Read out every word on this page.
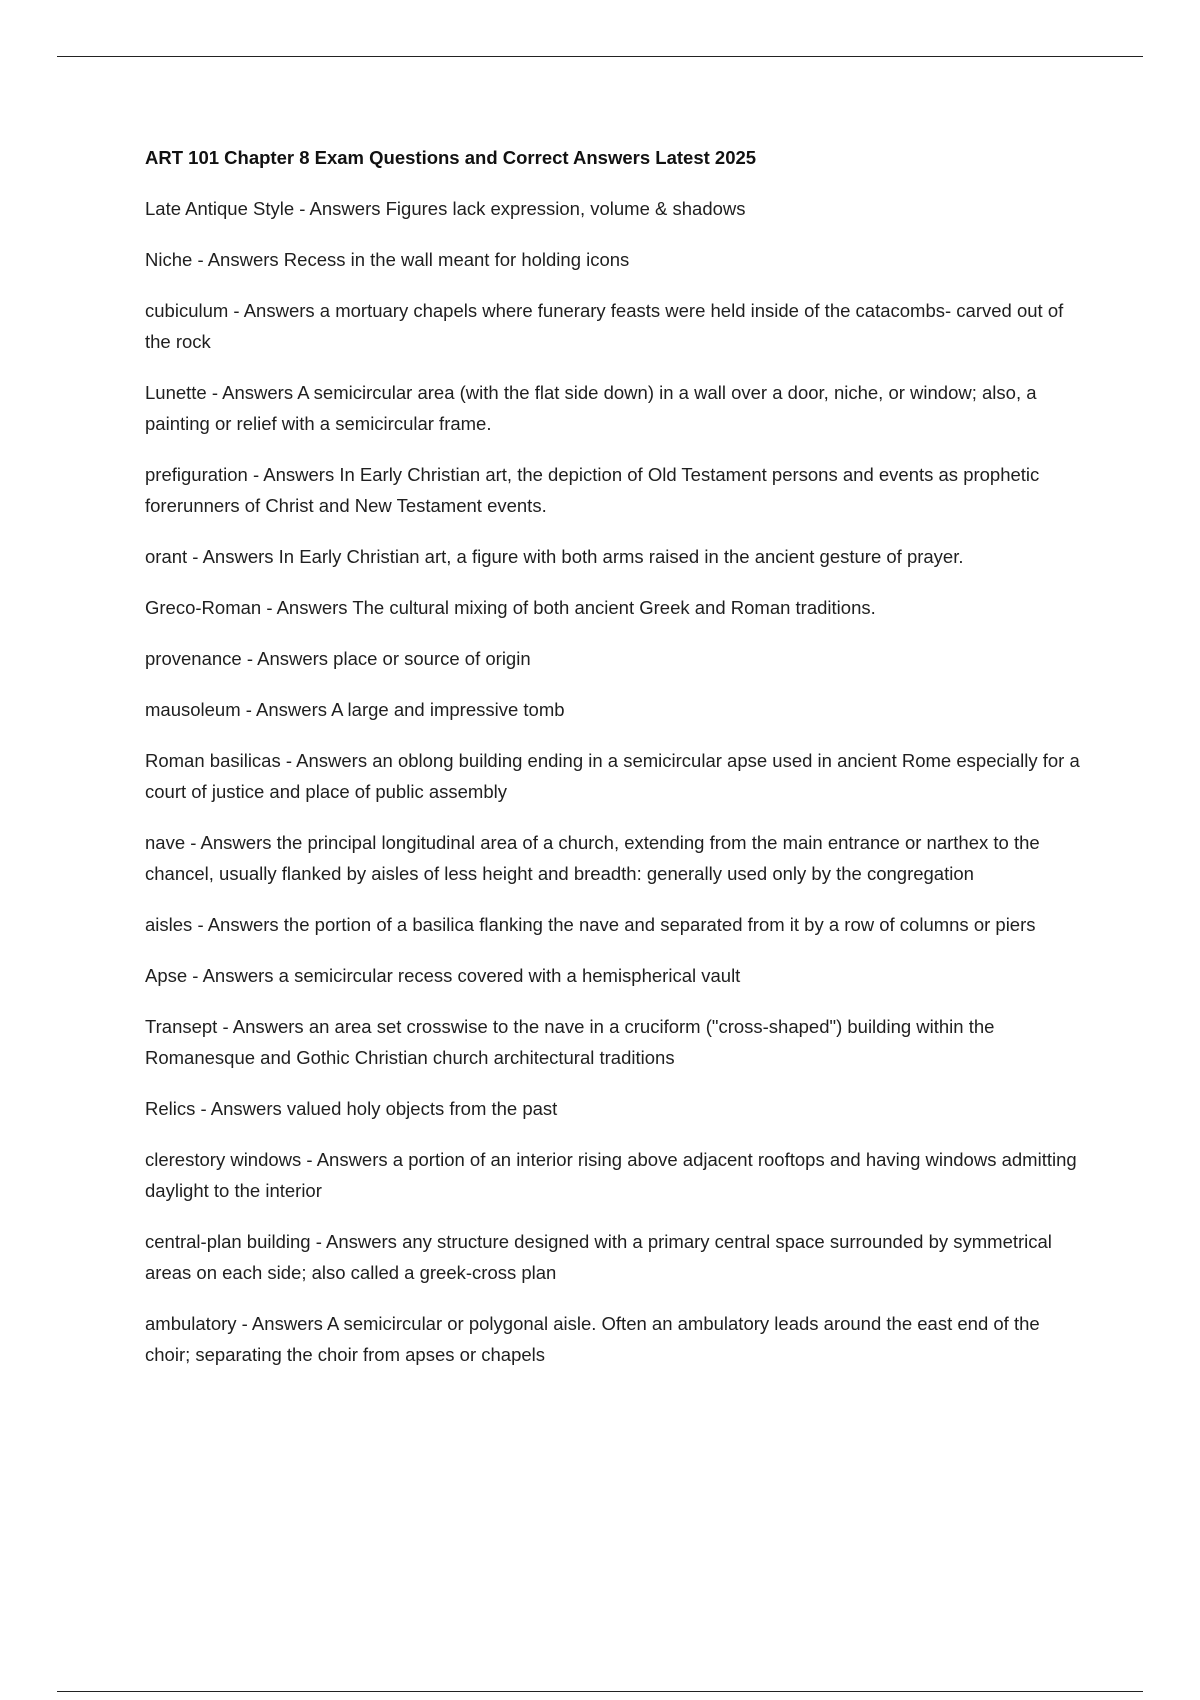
ART 101 Chapter 8 Exam Questions and Correct Answers Latest 2025
Late Antique Style - Answers Figures lack expression, volume & shadows
Niche - Answers Recess in the wall meant for holding icons
cubiculum - Answers a mortuary chapels where funerary feasts were held inside of the catacombs- carved out of the rock
Lunette - Answers A semicircular area (with the flat side down) in a wall over a door, niche, or window; also, a painting or relief with a semicircular frame.
prefiguration - Answers In Early Christian art, the depiction of Old Testament persons and events as prophetic forerunners of Christ and New Testament events.
orant - Answers In Early Christian art, a figure with both arms raised in the ancient gesture of prayer.
Greco-Roman - Answers The cultural mixing of both ancient Greek and Roman traditions.
provenance - Answers place or source of origin
mausoleum - Answers A large and impressive tomb
Roman basilicas - Answers an oblong building ending in a semicircular apse used in ancient Rome especially for a court of justice and place of public assembly
nave - Answers the principal longitudinal area of a church, extending from the main entrance or narthex to the chancel, usually flanked by aisles of less height and breadth: generally used only by the congregation
aisles - Answers the portion of a basilica flanking the nave and separated from it by a row of columns or piers
Apse - Answers a semicircular recess covered with a hemispherical vault
Transept - Answers an area set crosswise to the nave in a cruciform ("cross-shaped") building within the Romanesque and Gothic Christian church architectural traditions
Relics - Answers valued holy objects from the past
clerestory windows - Answers a portion of an interior rising above adjacent rooftops and having windows admitting daylight to the interior
central-plan building - Answers any structure designed with a primary central space surrounded by symmetrical areas on each side; also called a greek-cross plan
ambulatory - Answers A semicircular or polygonal aisle. Often an ambulatory leads around the east end of the choir; separating the choir from apses or chapels
